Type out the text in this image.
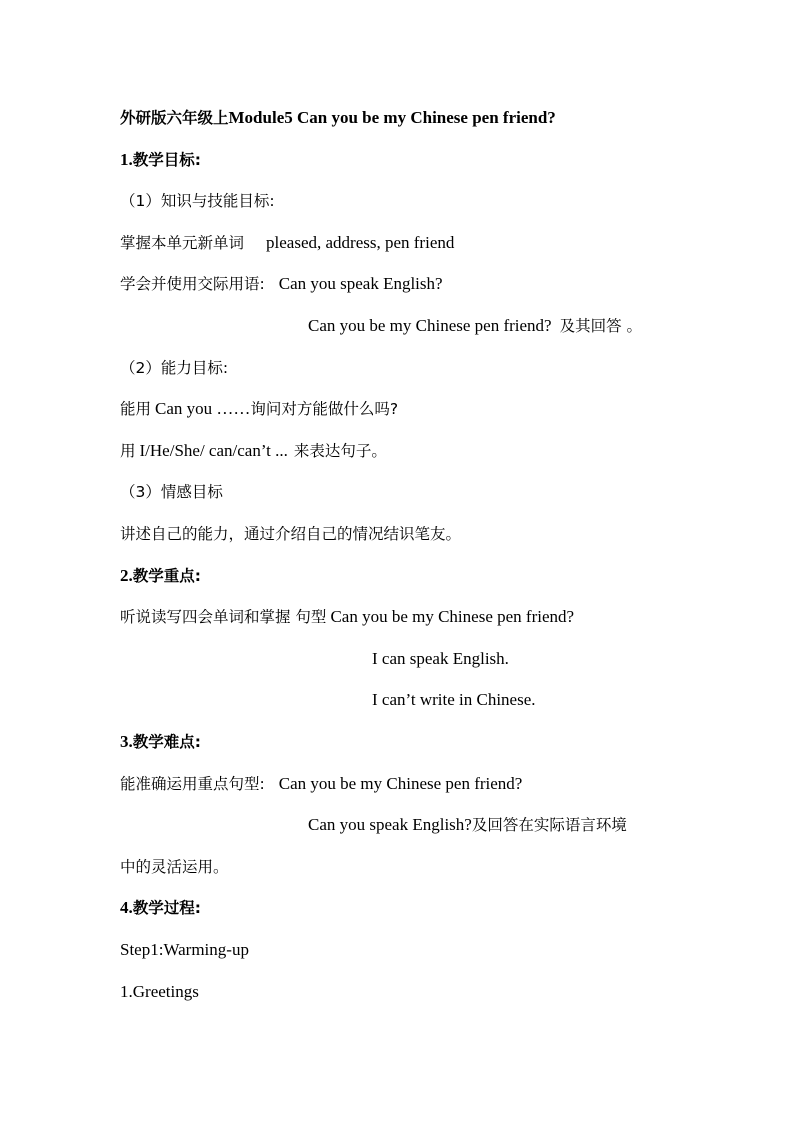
外研版六年级上Module5 Can you be my Chinese pen friend?
1.教学目标:
（1）知识与技能目标:
掌握本单元新单词 pleased, address, pen friend
学会并使用交际用语: Can you speak English?
Can you be my Chinese pen friend? 及其回答 。
（2）能力目标:
能用 Can you ……询问对方能做什么吗?
用 I/He/She/ can/can’t ... 来表达句子。
（3）情感目标
讲述自己的能力，通过介绍自己的情况结识笔友。
2.教学重点:
听说读写四会单词和掌握 句型 Can you be my Chinese pen friend?
I can speak English.
I can’t write in Chinese.
3.教学难点:
能准确运用重点句型: Can you be my Chinese pen friend?
Can you speak English?及回答在实际语言环境
中的灵活运用。
4.教学过程:
Step1:Warming-up
1.Greetings
